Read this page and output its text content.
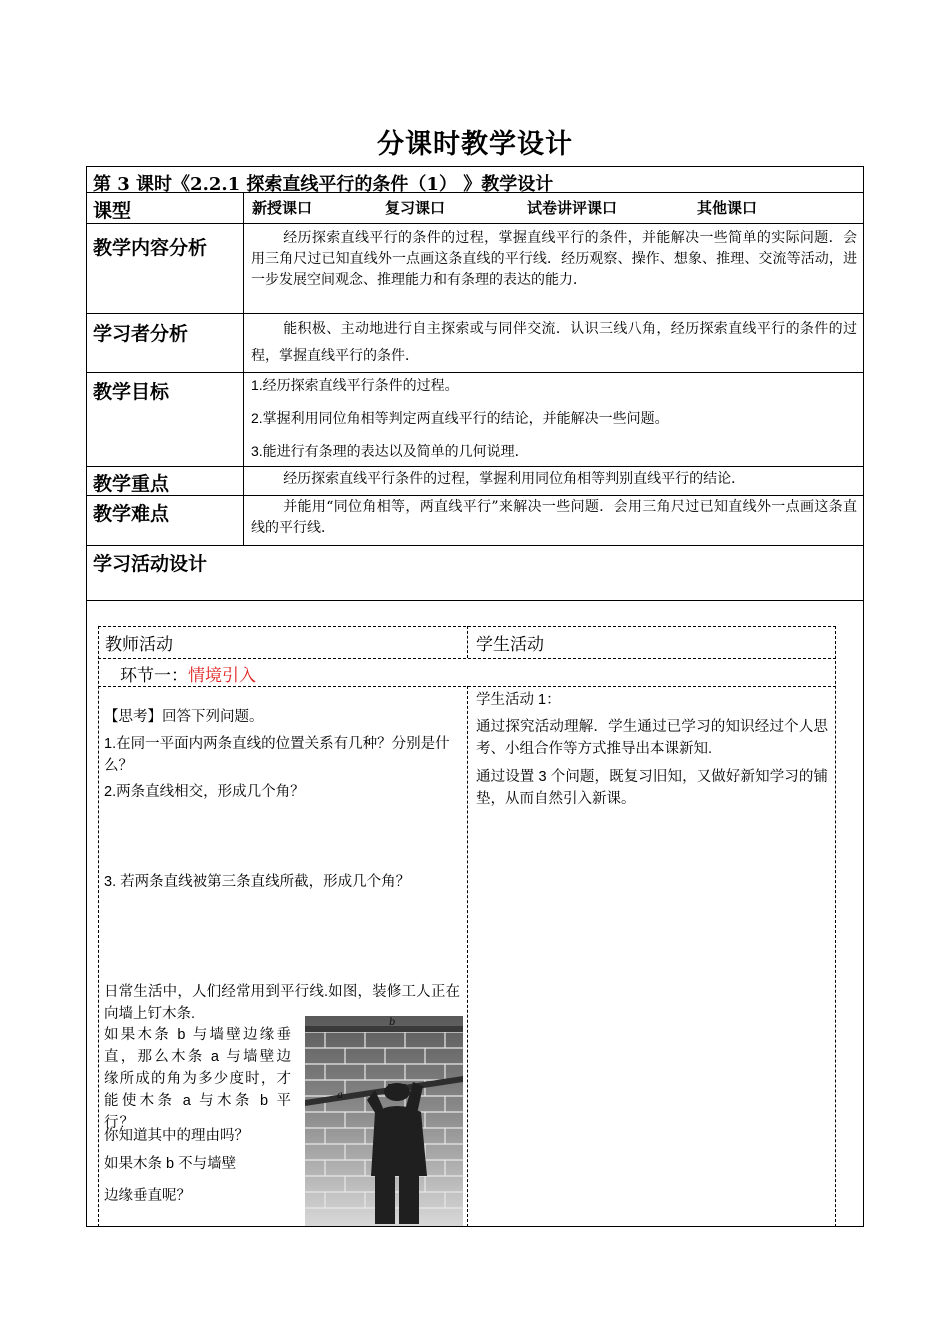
分课时教学设计
第 3 课时《2.2.1 探索直线平行的条件（1） 》教学设计
课型	新授课口	复习课口	试卷讲评课口	其他课口
教学内容分析	经历探索直线平行的条件的过程，掌握直线平行的条件，并能解决一些简单的实际问题．会用三角尺过已知直线外一点画这条直线的平行线．经历观察、操作、想象、推理、交流等活动，进一步发展空间观念、推理能力和有条理的表达的能力．
学习者分析	能积极、主动地进行自主探索或与同伴交流．认识三线八角，经历探索直线平行的条件的过程，掌握直线平行的条件．
教学目标	1.经历探索直线平行条件的过程。
2.掌握利用同位角相等判定两直线平行的结论，并能解决一些问题。
3.能进行有条理的表达以及简单的几何说理．
教学重点	经历探索直线平行条件的过程，掌握利用同位角相等判别直线平行的结论．
教学难点	并能用“同位角相等，两直线平行”来解决一些问题．会用三角尺过已知直线外一点画这条直线的平行线．
学习活动设计
教师活动	学生活动
环节一：情境引入
【思考】回答下列问题。
1.在同一平面内两条直线的位置关系有几种？分别是什么？
2.两条直线相交，形成几个角？
3. 若两条直线被第三条直线所截，形成几个角？
日常生活中，人们经常用到平行线.如图，装修工人正在向墙上钉木条.
如果木条 b 与墙壁边缘垂直，那么木条 a 与墙壁边缘所成的角为多少度时，才能使木条 a 与木条 b 平行？
你知道其中的理由吗？
如果木条 b 不与墙壁
边缘垂直呢？
b
a
学生活动 1：
通过探究活动理解．学生通过已学习的知识经过个人思考、小组合作等方式推导出本课新知.
通过设置 3 个问题，既复习旧知，又做好新知学习的铺垫，从而自然引入新课。
